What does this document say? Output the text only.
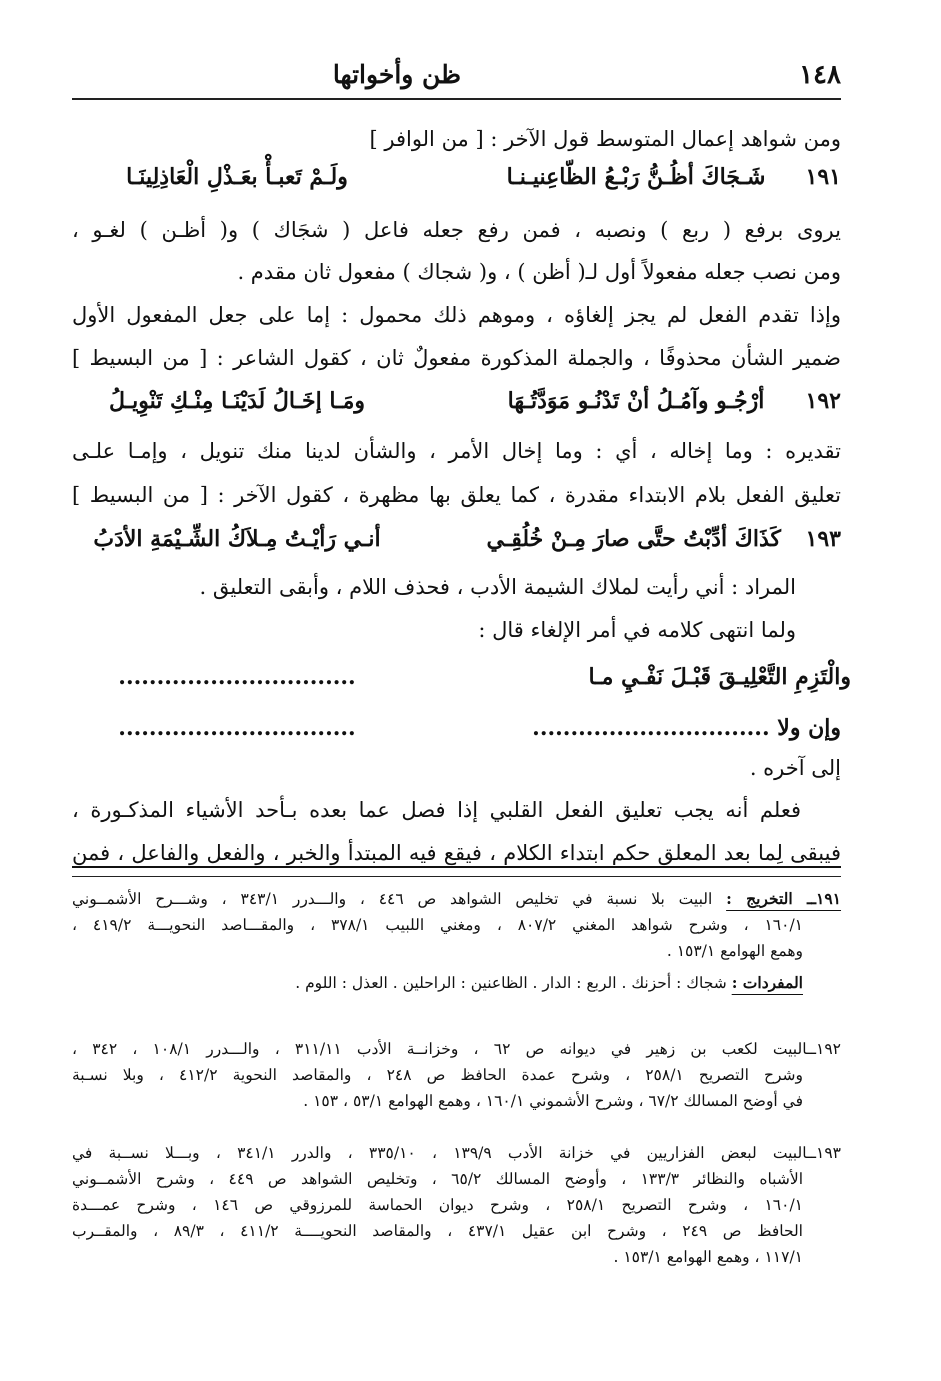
١٤٨
ظن وأخواتها
ومن شواهد إعمال المتوسط قول الآخر : [ من الوافر ]
١٩١
شَـجَاكَ أظُـنُّ رَبْـعُ الظّاعِنيـنـا
ولَـمْ تَعبـأْ بعَـذْلِ الْعَاذِلِينَـا
يروى برفع ( ربع ) ونصبه ، فمن رفع جعله فاعل ( شجَاك ) و( أظـن ) لغـو ،
ومن نصب جعله مفعولاً أول لـ( أظن ) ، و( شجاك ) مفعول ثان مقدم .
وإذا تقدم الفعل لم يجز إلغاؤه ، وموهم ذلك محمول : إما على جعل المفعول الأول
ضمير الشأن محذوفًا ، والجملة المذكورة مفعولٌ ثان ، كقول الشاعر : [ من البسيط ]
١٩٢
أرْجُـو وآمُـلُ أنْ تَدْنُـو مَوَدَّتُـهَا
ومَـا إخَـالُ لَدَيْنَـا مِنْـكِ تَنْوِيـلُ
تقديره : وما إخاله ، أي : وما إخال الأمر ، والشأن لدينا منك تنويل ، وإمـا علـى
تعليق الفعل بلام الابتداء مقدرة ، كما يعلق بها مظهرة ، كقول الآخر : [ من البسيط ]
١٩٣
كَذَاكَ أدِّبْتُ حتَّى صارَ مِـنْ خُلُقِـي
أنـي رَأيْـتُ مِـلاَكُ الشِّـيْمَةِ الأدَبُ
المراد : أني رأيت لملاك الشيمة الأدب ، فحذف اللام ، وأبقى التعليق .
ولما انتهى كلامه في أمر الإلغاء قال :
والْتَزِمِ التَّعْلِيـقَ قَبْـلَ نَفْـيِ مـا
...............................
وإن ولا ...............................
...............................
إلى آخره .
فعلم أنه يجب تعليق الفعل القلبي إذا فصل عما بعده بـأحد الأشياء المذكـورة ،
فيبقى لِما بعد المعلق حكم ابتداء الكلام ، فيقع فيه المبتدأ والخبر ، والفعل والفاعل ، فمن
١٩١ــ التخريج : البيت بلا نسبة في تخليص الشواهد ص ٤٤٦ ، والـــدرر ٣٤٣/١ ، وشـــرح الأشمــوني
١٦٠/١ ، وشرح شواهد المغني ٨٠٧/٢ ، ومغني اللبيب ٣٧٨/١ ، والمقـــاصد النحويـــة ٤١٩/٢ ،
وهمع الهوامع ١٥٣/١ .
المفردات : شجاك : أحزنك . الربع : الدار . الظاعنين : الراحلين . العذل : اللوم .
١٩٢ــالبيت لكعب بن زهير في ديوانه ص ٦٢ ، وخزانــة الأدب ٣١١/١١ ، والـــدرر ١٠٨/١ ، ٣٤٢ ،
وشرح التصريح ٢٥٨/١ ، وشرح عمدة الحافظ ص ٢٤٨ ، والمقاصد النحوية ٤١٢/٢ ، وبلا نسـبة
في أوضح المسالك ٦٧/٢ ، وشرح الأشموني ١٦٠/١ ، وهمع الهوامع ٥٣/١ ، ١٥٣ .
١٩٣ــالبيت لبعض الفزاريين في خزانة الأدب ١٣٩/٩ ، ٣٣٥/١٠ ، والدرر ٣٤١/١ ، وبـــلا نســبة في
الأشباه والنظائر ١٣٣/٣ ، وأوضح المسالك ٦٥/٢ ، وتخليص الشواهد ص ٤٤٩ ، وشرح الأشمــوني
١٦٠/١ ، وشرح التصريح ٢٥٨/١ ، وشرح ديوان الحماسة للمرزوقي ص ١٤٦ ، وشرح عمـــدة
الحافظ ص ٢٤٩ ، وشرح ابن عقيل ٤٣٧/١ ، والمقاصد النحويــــة ٤١١/٢ ، ٨٩/٣ ، والمقــرب
١١٧/١ ، وهمع الهوامع ١٥٣/١ .
